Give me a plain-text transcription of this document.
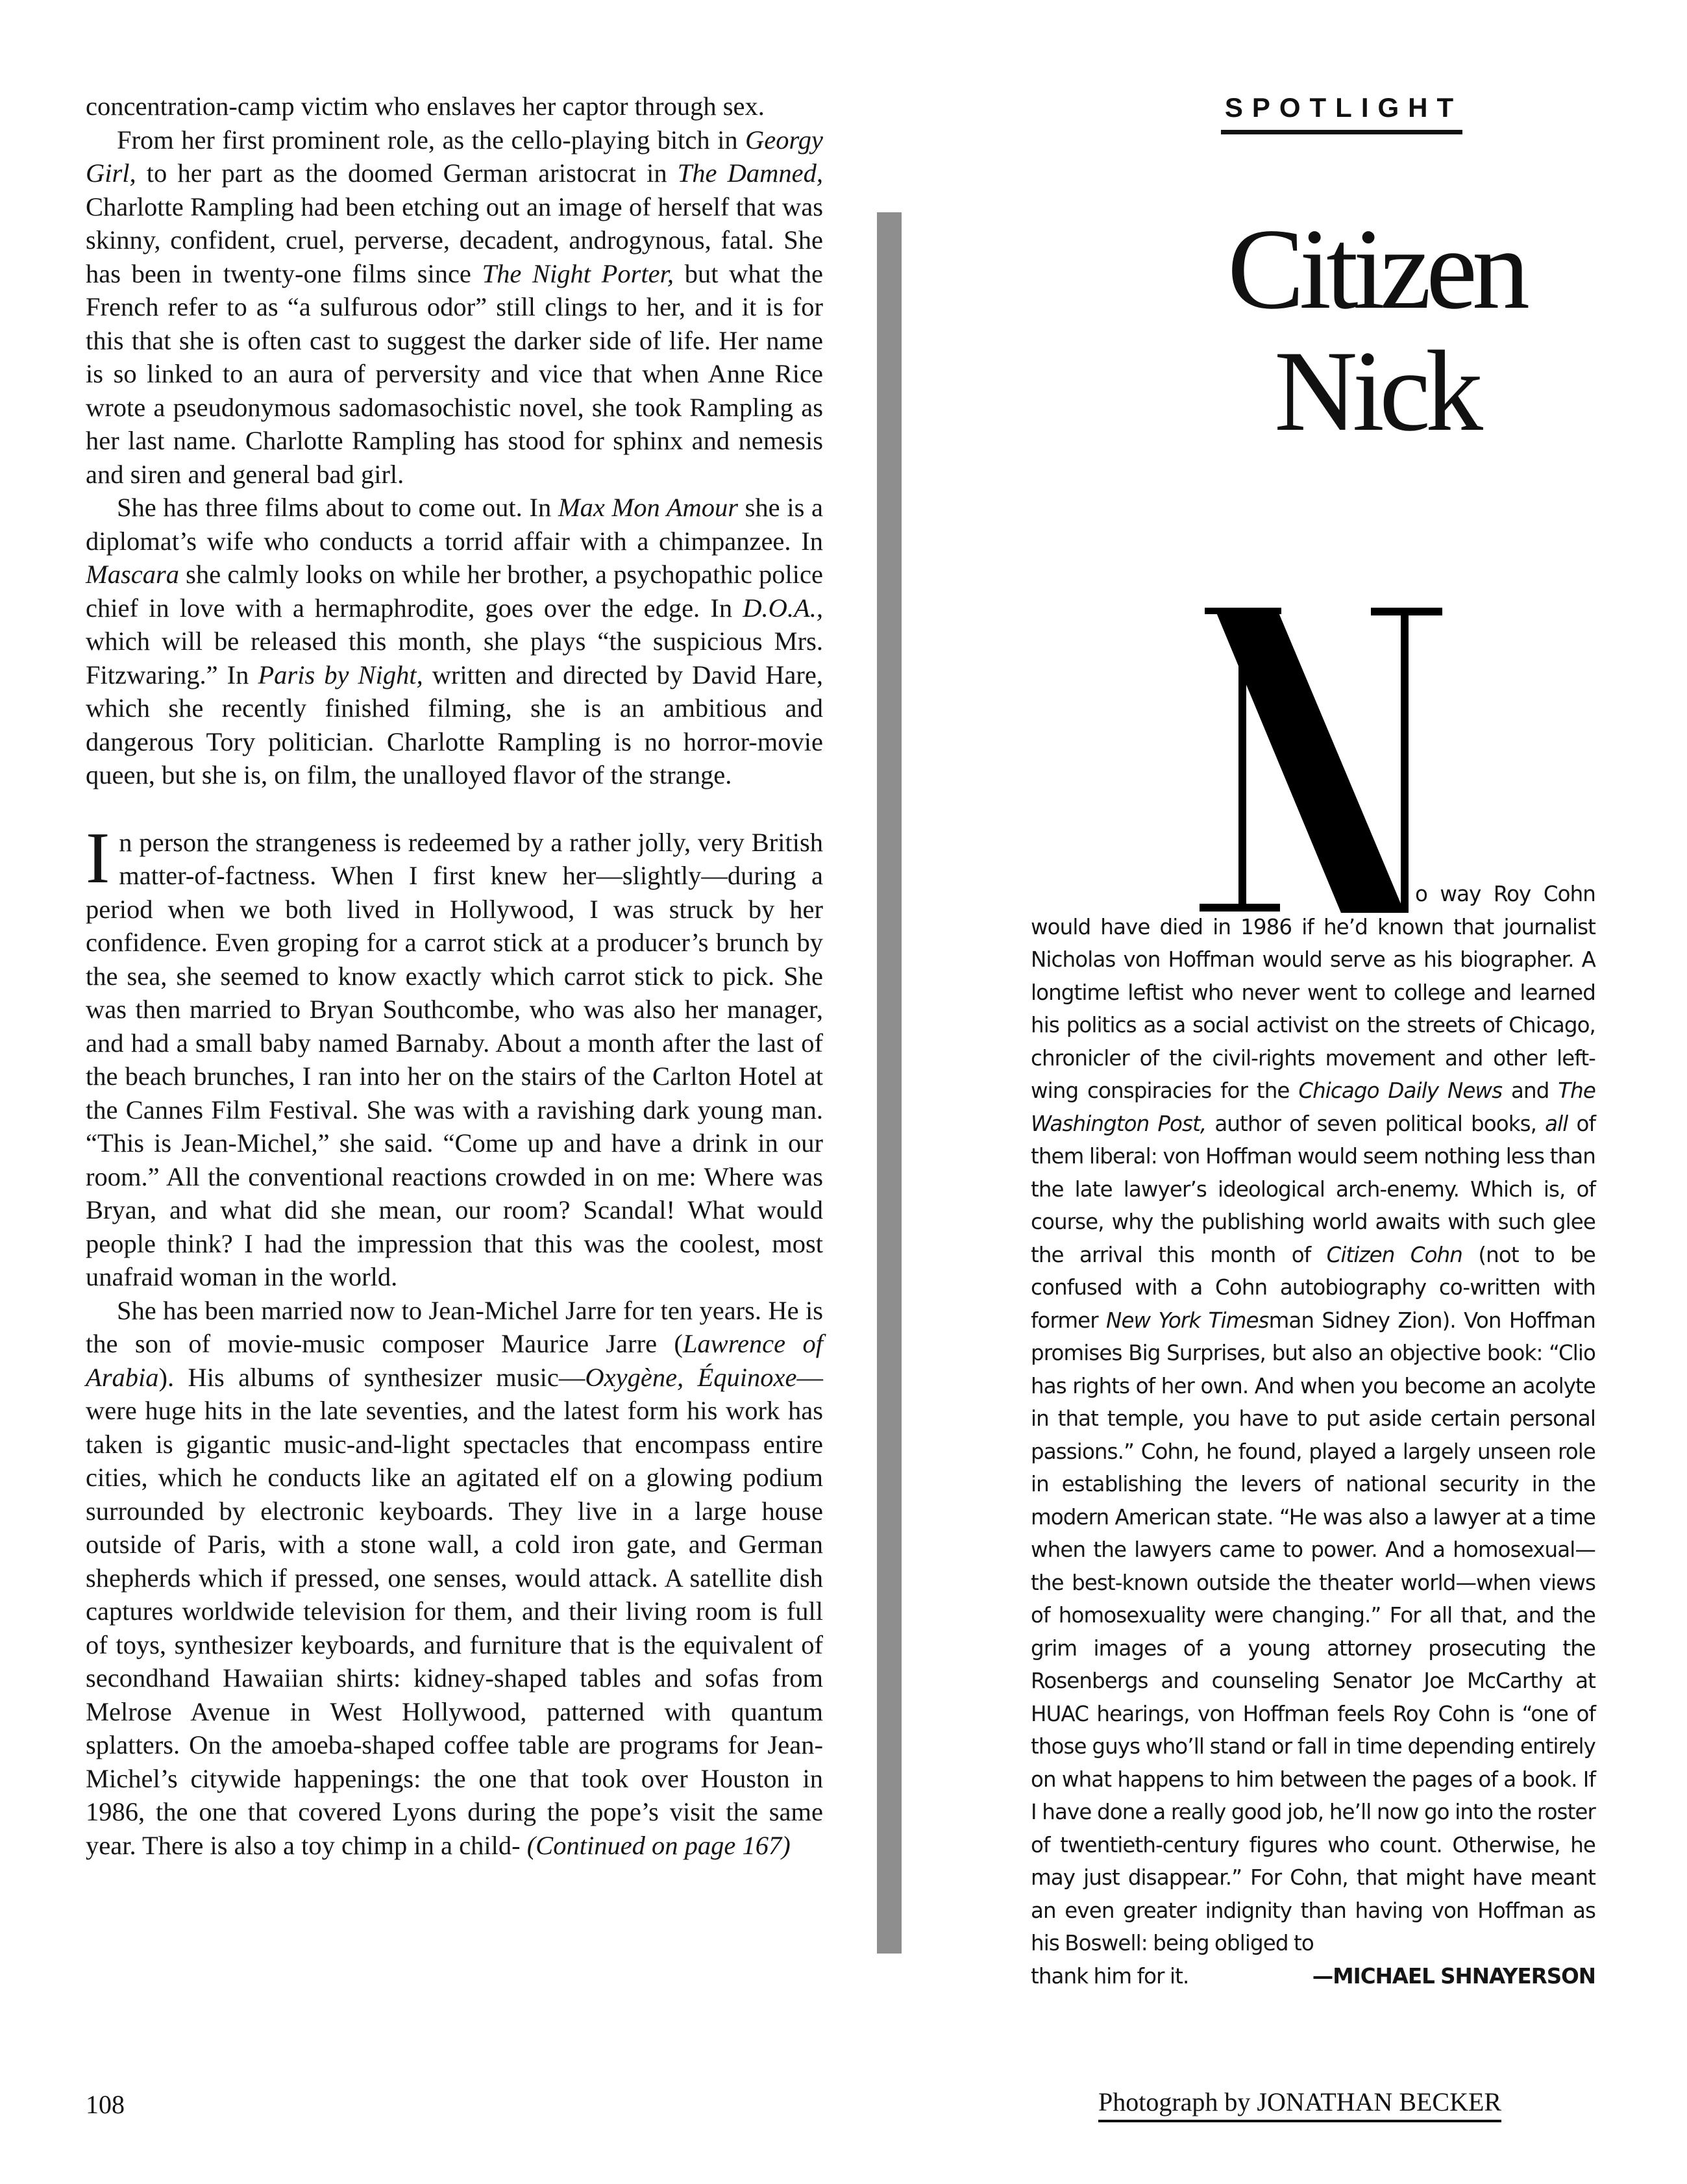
concentration-camp victim who enslaves her captor through sex.

From her first prominent role, as the cello-playing bitch in Georgy Girl, to her part as the doomed German aristocrat in The Damned, Charlotte Rampling had been etching out an image of herself that was skinny, confident, cruel, perverse, decadent, androgynous, fatal. She has been in twenty-one films since The Night Porter, but what the French refer to as “a sulfurous odor” still clings to her, and it is for this that she is often cast to suggest the darker side of life. Her name is so linked to an aura of perversity and vice that when Anne Rice wrote a pseudonymous sadomasochistic novel, she took Rampling as her last name. Charlotte Rampling has stood for sphinx and nemesis and siren and general bad girl.

She has three films about to come out. In Max Mon Amour she is a diplomat’s wife who conducts a torrid affair with a chimpanzee. In Mascara she calmly looks on while her brother, a psychopathic police chief in love with a hermaphrodite, goes over the edge. In D.O.A., which will be released this month, she plays “the suspicious Mrs. Fitzwaring.” In Paris by Night, written and directed by David Hare, which she recently finished filming, she is an ambitious and dangerous Tory politician. Charlotte Rampling is no horror-movie queen, but she is, on film, the unalloyed flavor of the strange.

In person the strangeness is redeemed by a rather jolly, very British matter-of-factness. When I first knew her—slightly—during a period when we both lived in Hollywood, I was struck by her confidence. Even groping for a carrot stick at a producer’s brunch by the sea, she seemed to know exactly which carrot stick to pick. She was then married to Bryan Southcombe, who was also her manager, and had a small baby named Barnaby. About a month after the last of the beach brunches, I ran into her on the stairs of the Carlton Hotel at the Cannes Film Festival. She was with a ravishing dark young man. “This is Jean-Michel,” she said. “Come up and have a drink in our room.” All the conventional reactions crowded in on me: Where was Bryan, and what did she mean, our room? Scandal! What would people think? I had the impression that this was the coolest, most unafraid woman in the world.

She has been married now to Jean-Michel Jarre for ten years. He is the son of movie-music composer Maurice Jarre (Lawrence of Arabia). His albums of synthesizer music—Oxygène, Équinoxe—were huge hits in the late seventies, and the latest form his work has taken is gigantic music-and-light spectacles that encompass entire cities, which he conducts like an agitated elf on a glowing podium surrounded by electronic keyboards. They live in a large house outside of Paris, with a stone wall, a cold iron gate, and German shepherds which if pressed, one senses, would attack. A satellite dish captures worldwide television for them, and their living room is full of toys, synthesizer keyboards, and furniture that is the equivalent of secondhand Hawaiian shirts: kidney-shaped tables and sofas from Melrose Avenue in West Hollywood, patterned with quantum splatters. On the amoeba-shaped coffee table are programs for Jean-Michel’s citywide happenings: the one that took over Houston in 1986, the one that covered Lyons during the pope’s visit the same year. There is also a toy chimp in a child- (Continued on page 167)

SPOTLIGHT
Citizen
Nick

o way Roy Cohn would have died in 1986 if he’d known that journalist Nicholas von Hoffman would serve as his biographer. A longtime leftist who never went to college and learned his politics as a social activist on the streets of Chicago, chronicler of the civil-rights movement and other left-wing conspiracies for the Chicago Daily News and The Washington Post, author of seven political books, all of them liberal: von Hoffman would seem nothing less than the late lawyer’s ideological arch-enemy. Which is, of course, why the publishing world awaits with such glee the arrival this month of Citizen Cohn (not to be confused with a Cohn autobiography co-written with former New York Timesman Sidney Zion). Von Hoffman promises Big Surprises, but also an objective book: “Clio has rights of her own. And when you become an acolyte in that temple, you have to put aside certain personal passions.” Cohn, he found, played a largely unseen role in establishing the levers of national security in the modern American state. “He was also a lawyer at a time when the lawyers came to power. And a homosexual—the best-known outside the theater world—when views of homosexuality were changing.” For all that, and the grim images of a young attorney prosecuting the Rosenbergs and counseling Senator Joe McCarthy at HUAC hearings, von Hoffman feels Roy Cohn is “one of those guys who’ll stand or fall in time depending entirely on what happens to him between the pages of a book. If I have done a really good job, he’ll now go into the roster of twentieth-century figures who count. Otherwise, he may just disappear.” For Cohn, that might have meant an even greater indignity than having von Hoffman as his Boswell: being obliged to

thank him for it.	—MICHAEL SHNAYERSON
108	Photograph by JONATHAN BECKER
